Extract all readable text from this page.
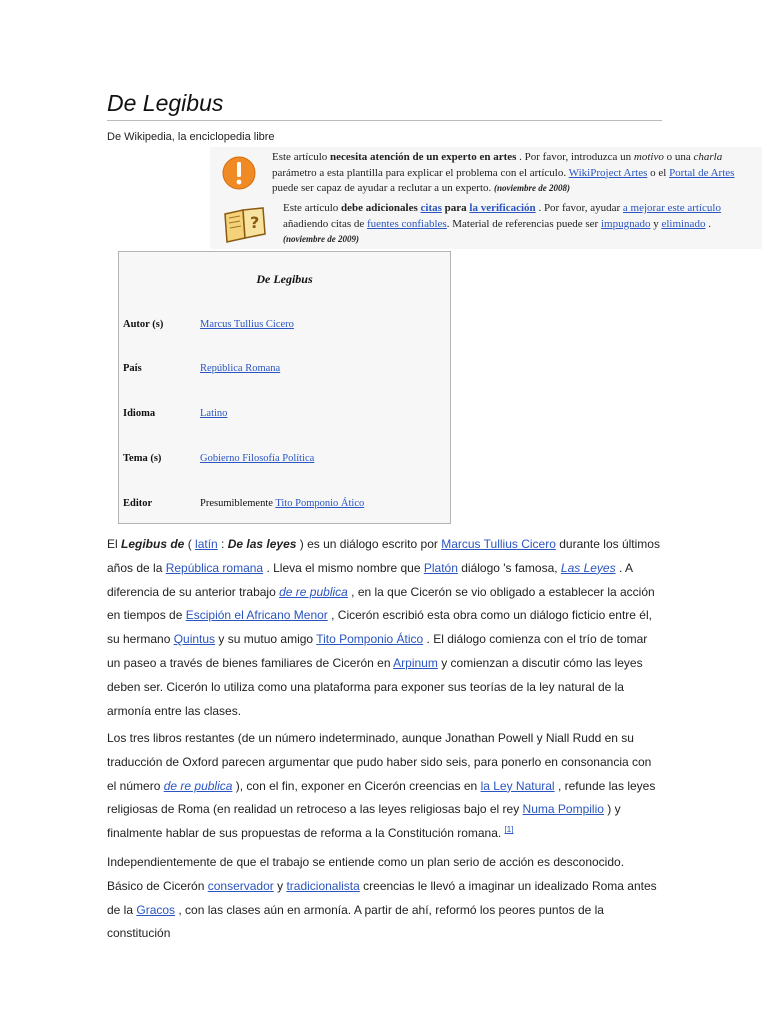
De Legibus
De Wikipedia, la enciclopedia libre
Este artículo necesita atención de un experto en artes . Por favor, introduzca un motivo o una charla parámetro a esta plantilla para explicar el problema con el artículo. WikiProject Artes o el Portal de Artes puede ser capaz de ayudar a reclutar a un experto. (noviembre de 2008)
?
Este artículo debe adicionales citas para la verificación . Por favor, ayudar a mejorar este artículo añadiendo citas de fuentes confiables. Material de referencias puede ser impugnado y eliminado . (noviembre de 2009)
De Legibus
Autor (s)	Marcus Tullius Cicero
País	República Romana
Idioma	Latino
Tema (s)	Gobierno Filosofía Política
Editor	Presumiblemente Tito Pomponio Ático

El Legibus de ( latín : De las leyes ) es un diálogo escrito por Marcus Tullius Cicero durante los últimos años de la República romana . Lleva el mismo nombre que Platón diálogo 's famosa, Las Leyes . A diferencia de su anterior trabajo de re publica , en la que Cicerón se vio obligado a establecer la acción en tiempos de Escipión el Africano Menor , Cicerón escribió esta obra como un diálogo ficticio entre él, su hermano Quintus y su mutuo amigo Tito Pomponio Ático . El diálogo comienza con el trío de tomar un paseo a través de bienes familiares de Cicerón en Arpinum y comienzan a discutir cómo las leyes deben ser. Cicerón lo utiliza como una plataforma para exponer sus teorías de la ley natural de la armonía entre las clases.

Los tres libros restantes (de un número indeterminado, aunque Jonathan Powell y Niall Rudd en su traducción de Oxford parecen argumentar que pudo haber sido seis, para ponerlo en consonancia con el número de re publica ), con el fin, exponer en Cicerón creencias en la Ley Natural , refunde las leyes religiosas de Roma (en realidad un retroceso a las leyes religiosas bajo el rey Numa Pompilio ) y finalmente hablar de sus propuestas de reforma a la Constitución romana. [1]

Independientemente de que el trabajo se entiende como un plan serio de acción es desconocido. Básico de Cicerón conservador y tradicionalista creencias le llevó a imaginar un idealizado Roma antes de la Gracos , con las clases aún en armonía. A partir de ahí, reformó los peores puntos de la constitución
